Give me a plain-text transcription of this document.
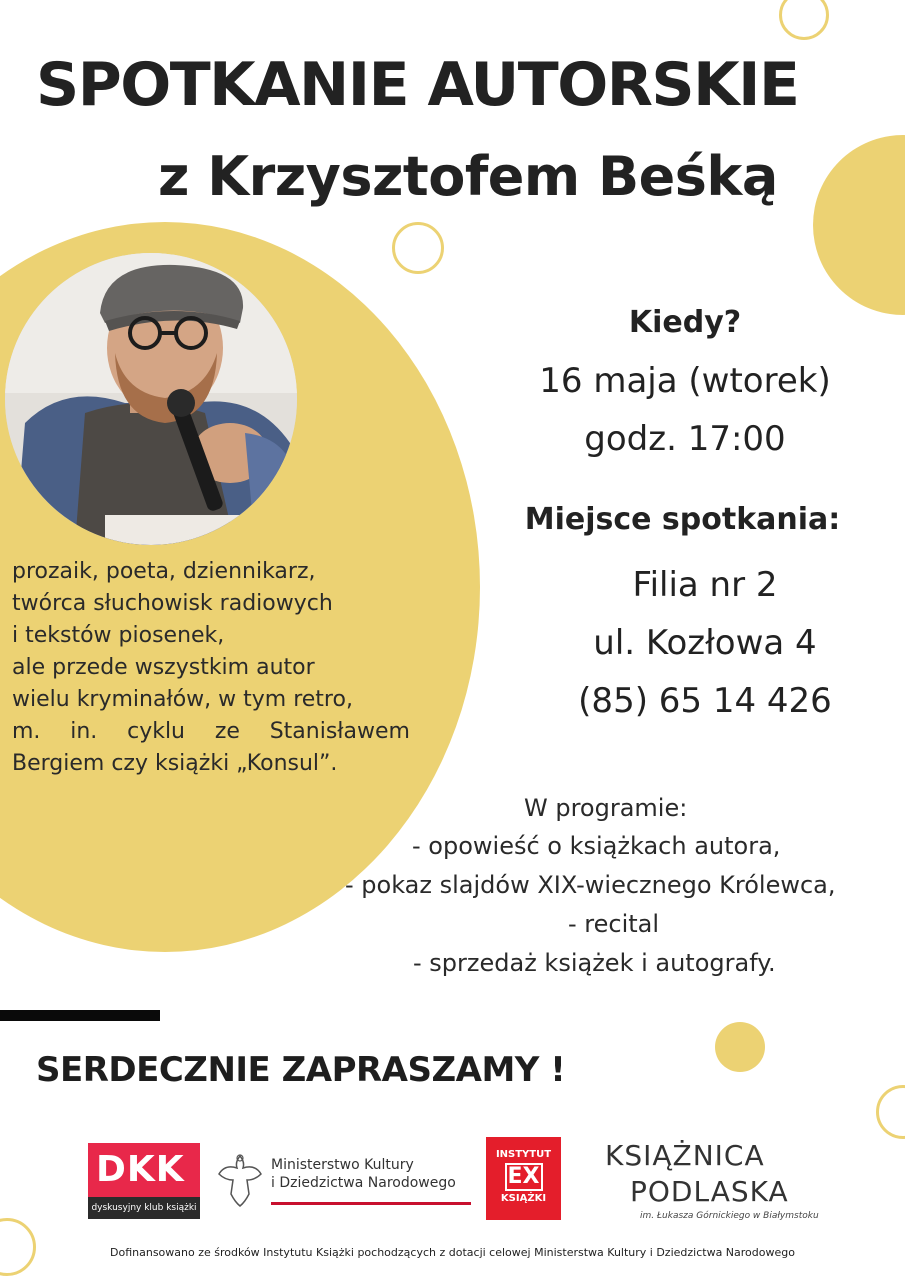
SPOTKANIE AUTORSKIE
z Krzysztofem Beśką
prozaik, poeta, dziennikarz,
twórca słuchowisk radiowych
i tekstów piosenek,
ale przede wszystkim autor
wielu kryminałów, w tym retro,
m. in. cyklu ze Stanisławem
Bergiem czy książki „Konsul”.
Kiedy?
16 maja (wtorek)
godz. 17:00
Miejsce spotkania:
Filia nr 2
ul. Kozłowa 4
(85) 65 14 426
W programie:
- opowieść o książkach autora,
- pokaz slajdów XIX-wiecznego Królewca,
- recital
- sprzedaż książek i autografy.
SERDECZNIE ZAPRASZAMY !
DKK
dyskusyjny klub książki
Ministerstwo Kultury
i Dziedzictwa Narodowego
INSTYTUT
EX
KSIĄŻKI
KSIĄŻNICA
PODLASKA
im. Łukasza Górnickiego w Białymstoku
Dofinansowano ze środków Instytutu Książki pochodzących z dotacji celowej Ministerstwa Kultury i Dziedzictwa Narodowego
